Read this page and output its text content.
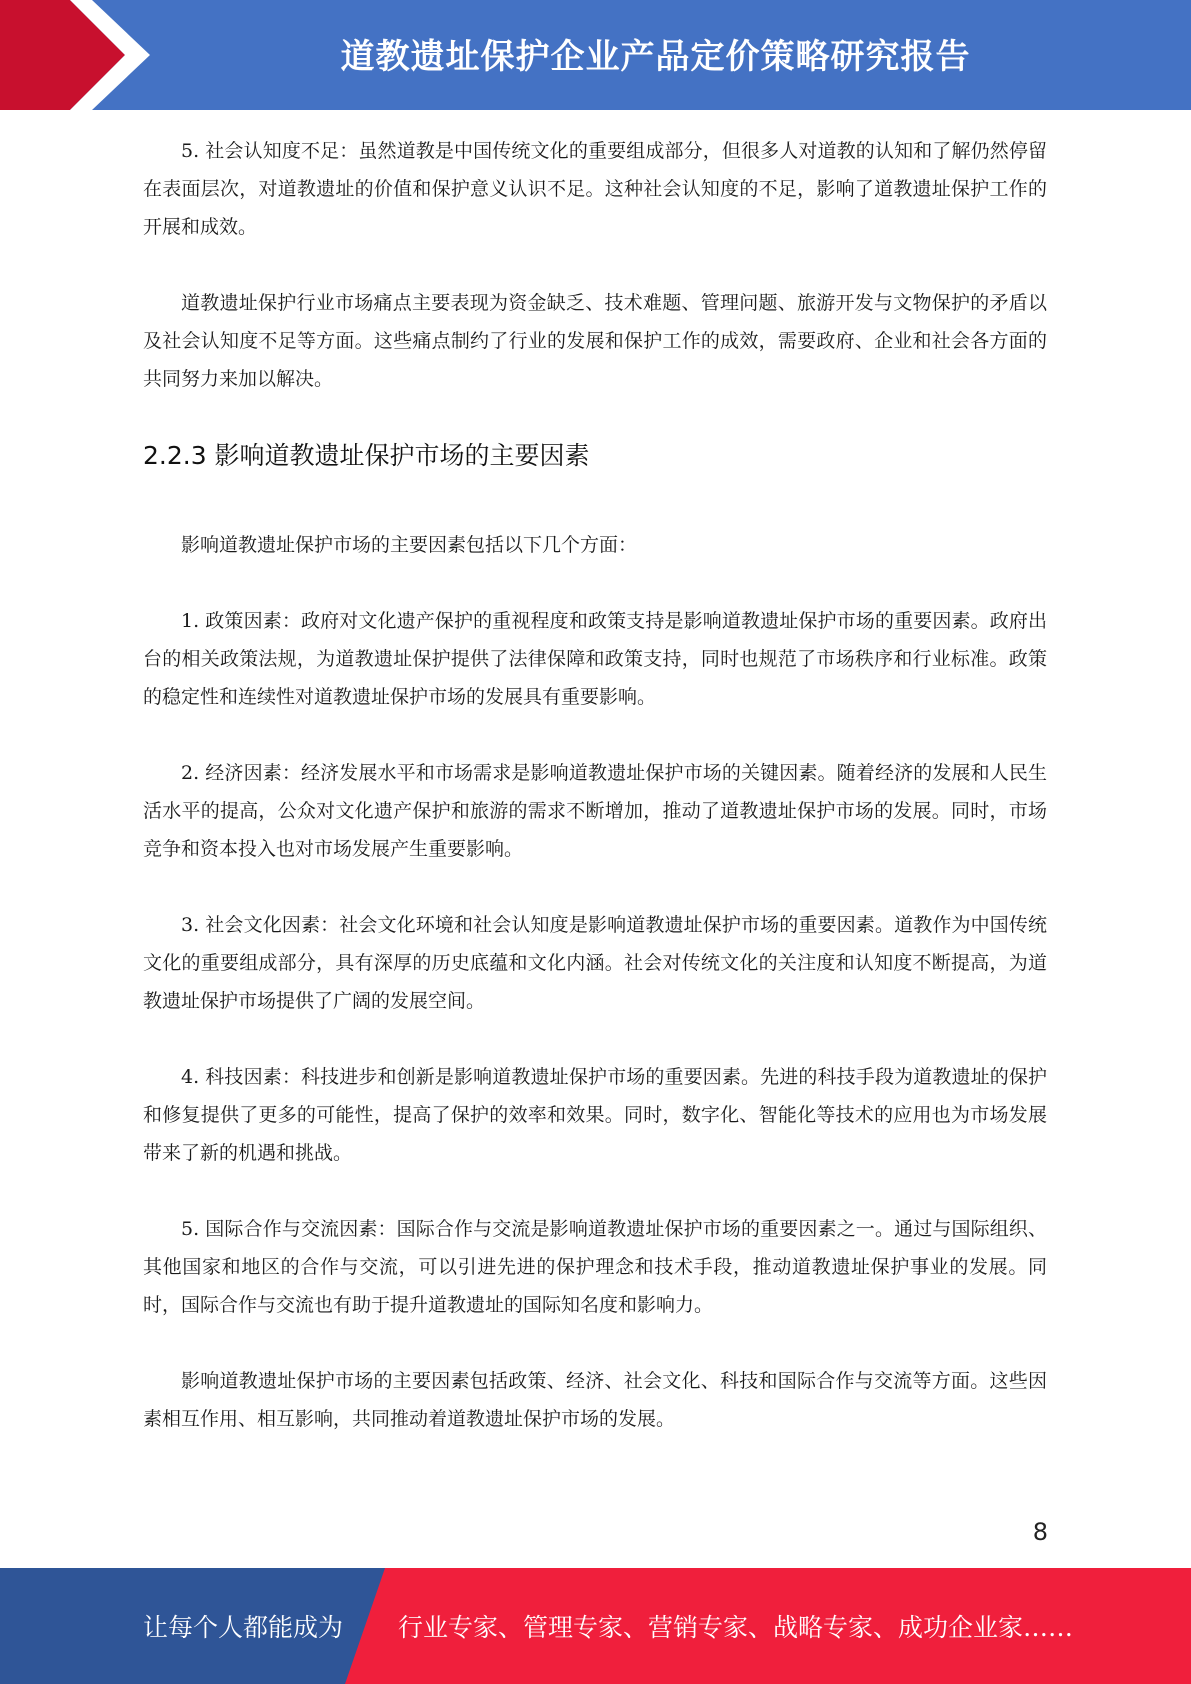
道教遗址保护企业产品定价策略研究报告

5. 社会认知度不足：虽然道教是中国传统文化的重要组成部分，但很多人对道教的认知和了解仍然停留在表面层次，对道教遗址的价值和保护意义认识不足。这种社会认知度的不足，影响了道教遗址保护工作的开展和成效。

道教遗址保护行业市场痛点主要表现为资金缺乏、技术难题、管理问题、旅游开发与文物保护的矛盾以及社会认知度不足等方面。这些痛点制约了行业的发展和保护工作的成效，需要政府、企业和社会各方面的共同努力来加以解决。

2.2.3 影响道教遗址保护市场的主要因素

影响道教遗址保护市场的主要因素包括以下几个方面：

1. 政策因素：政府对文化遗产保护的重视程度和政策支持是影响道教遗址保护市场的重要因素。政府出台的相关政策法规，为道教遗址保护提供了法律保障和政策支持，同时也规范了市场秩序和行业标准。政策的稳定性和连续性对道教遗址保护市场的发展具有重要影响。

2. 经济因素：经济发展水平和市场需求是影响道教遗址保护市场的关键因素。随着经济的发展和人民生活水平的提高，公众对文化遗产保护和旅游的需求不断增加，推动了道教遗址保护市场的发展。同时，市场竞争和资本投入也对市场发展产生重要影响。

3. 社会文化因素：社会文化环境和社会认知度是影响道教遗址保护市场的重要因素。道教作为中国传统文化的重要组成部分，具有深厚的历史底蕴和文化内涵。社会对传统文化的关注度和认知度不断提高，为道教遗址保护市场提供了广阔的发展空间。

4. 科技因素：科技进步和创新是影响道教遗址保护市场的重要因素。先进的科技手段为道教遗址的保护和修复提供了更多的可能性，提高了保护的效率和效果。同时，数字化、智能化等技术的应用也为市场发展带来了新的机遇和挑战。

5. 国际合作与交流因素：国际合作与交流是影响道教遗址保护市场的重要因素之一。通过与国际组织、其他国家和地区的合作与交流，可以引进先进的保护理念和技术手段，推动道教遗址保护事业的发展。同时，国际合作与交流也有助于提升道教遗址的国际知名度和影响力。

影响道教遗址保护市场的主要因素包括政策、经济、社会文化、科技和国际合作与交流等方面。这些因素相互作用、相互影响，共同推动着道教遗址保护市场的发展。

8
让每个人都能成为 行业专家、管理专家、营销专家、战略专家、成功企业家……
